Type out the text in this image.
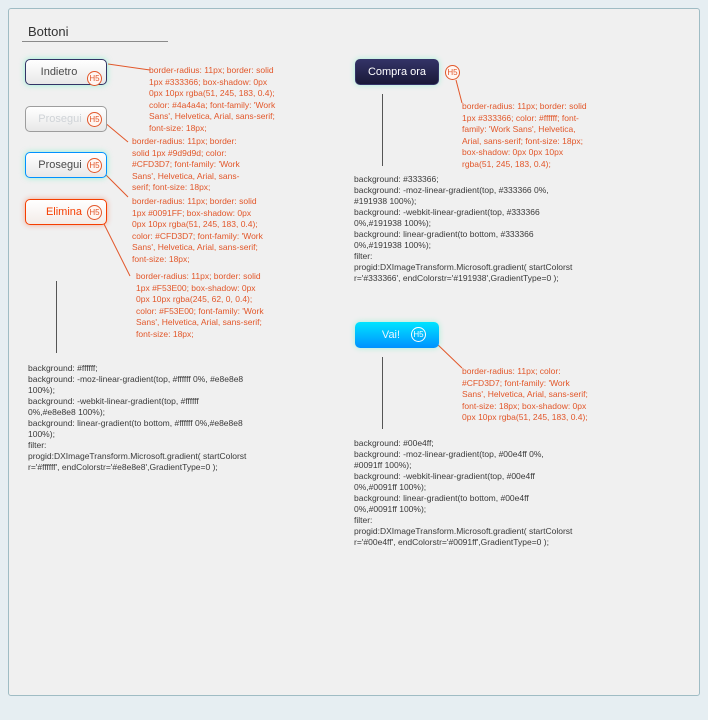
Bottoni
Indietro
H5
Prosegui H5
Prosegui H5
Elimina H5
border-radius: 11px; border: solid 1px #333366; box-shadow: 0px 0px 10px rgba(51, 245, 183, 0.4); color: #4a4a4a; font-family: 'Work Sans', Helvetica, Arial, sans-serif; font-size: 18px;
border-radius: 11px; border: solid 1px #9d9d9d; color: #CFD3D7; font-family: 'Work Sans', Helvetica, Arial, sans-serif; font-size: 18px;
border-radius: 11px; border: solid 1px #0091FF; box-shadow: 0px 0px 10px rgba(51, 245, 183, 0.4); color: #CFD3D7; font-family: 'Work Sans', Helvetica, Arial, sans-serif; font-size: 18px;
border-radius: 11px; border: solid 1px #F53E00; box-shadow: 0px 0px 10px rgba(245, 62, 0, 0.4); color: #F53E00; font-family: 'Work Sans', Helvetica, Arial, sans-serif; font-size: 18px;
background: #ffffff;
background: -moz-linear-gradient(top, #ffffff 0%, #e8e8e8
100%);
background: -webkit-linear-gradient(top, #ffffff
0%,#e8e8e8 100%);
background: linear-gradient(to bottom, #ffffff 0%,#e8e8e8
100%);
filter:
progid:DXImageTransform.Microsoft.gradient( startColorst
r='#ffffff', endColorstr='#e8e8e8',GradientType=0 );
Compra ora	H5
border-radius: 11px; border: solid 1px #333366; color: #ffffff; font-family: 'Work Sans', Helvetica, Arial, sans-serif; font-size: 18px; box-shadow: 0px 0px 10px rgba(51, 245, 183, 0.4);
background: #333366;
background: -moz-linear-gradient(top, #333366 0%,
#191938 100%);
background: -webkit-linear-gradient(top, #333366
0%,#191938 100%);
background: linear-gradient(to bottom, #333366
0%,#191938 100%);
filter:
progid:DXImageTransform.Microsoft.gradient( startColorst
r='#333366', endColorstr='#191938',GradientType=0 );
Vai! H5
border-radius: 11px; color: #CFD3D7; font-family: 'Work Sans', Helvetica, Arial, sans-serif; font-size: 18px; box-shadow: 0px 0px 10px rgba(51, 245, 183, 0.4);
background: #00e4ff;
background: -moz-linear-gradient(top, #00e4ff 0%,
#0091ff 100%);
background: -webkit-linear-gradient(top, #00e4ff
0%,#0091ff 100%);
background: linear-gradient(to bottom, #00e4ff
0%,#0091ff 100%);
filter:
progid:DXImageTransform.Microsoft.gradient( startColorst
r='#00e4ff', endColorstr='#0091ff',GradientType=0 );
